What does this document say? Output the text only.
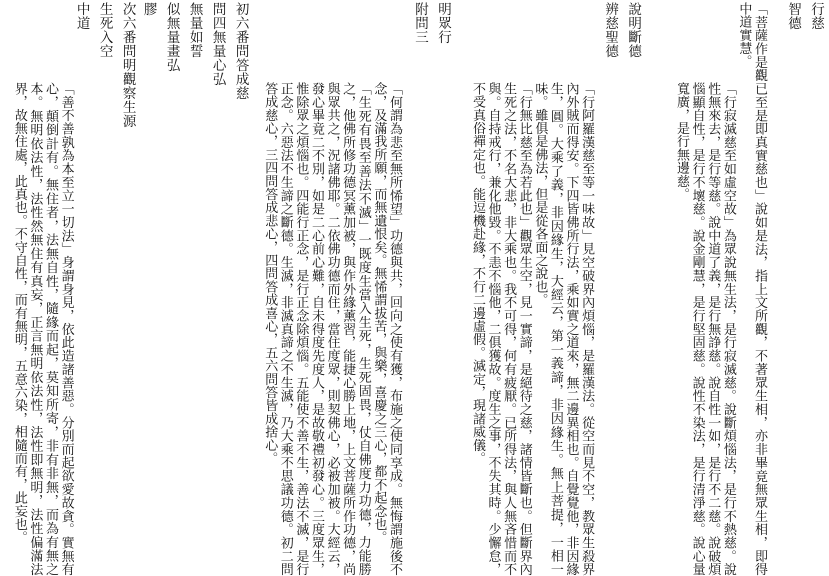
行慈
智德
「菩薩作是觀已至是即真實慈也」說如是法，指上文所觀，不著眾生相，亦非畢竟無眾生相，即得中道實慧。
「行寂滅慈至如虛空故」為眾說無生法，是行寂滅慈。說斷煩惱法，是行不熱慈。說性無來去，是行等慈。說中道了義，是行無諍慈。說自性一如，是行不二慈。說破煩惱顯自性，是行不壞慈。說金剛慧，是行堅固慈。說性不染法，是行清淨慈。說心量寬廣，是行無邊慈。
說明斷德
辨慈聖德
「行阿羅漢慈至等一味故」見空破界內煩惱，是羅漢法。從空而見不空，教眾生殺界內外賊而得安。下四皆佛所行法，乘如實之道來，無二邊異相也。自覺覺他，非因緣生，圓。大乘了義，非因緣生，大經云，第一義諦，非因緣生。無上菩提，一相一味。雖俱是佛法，但是從各面之說也。
「行無比慈至為若此也」觀眾生空，見一實諦，是絕待之慈，諸情皆斷也。但斷界內生死之法，不名大悲，非大乘也。我不可得，何有疲厭。已所得法，與人無吝惜而不與。自持戒行，兼化他毀。不恚不惱他，二俱獲故。度生之事，不失其時。少懈怠，不受真俗禪定也。能逗機赴緣，不行二邊虛假。滅定，現諸威儀。
明眾行
附問三
「何謂為悲至無所悕望」功德與共，回向之使有獲，布施之使同享成。無悔謂施後不念，及滿我所願，而無遺恨矣。無悕謂拔苦，與樂，喜慶之三心，都不起念也。
「生死有畏至善法不滅」一既度生當入生死，生死固畏，仗自佛度力功德，力能勝之，他佛所修功德冥薰加被，與作外緣薰習，能捷心勝上地，上文菩薩所作功德，尚與眾共之，況諸佛耶。二依佛功德而住，當住度眾，則契佛心，必被加被。大經云，發心畢竟二不別，如是二心前心難，自未得度先度人，是故敬禮初發心。三度眾生，惟除眾之煩惱也。四能行正念，是行正念除煩惱。五能使不善不生，善法不滅，是行正念。六惡法不生諦之斷德。生滅，非滅真諦之不生滅，乃大乘不思議功德。初二問答成慈心，三四問答成悲心，四問答成喜心，五六問答皆成捨心。
初六番問答成慈
問四無量心弘
無量如誓
似無量畫弘
膠
次六番問明觀察生源
生死入空
中道
「善不善孰為本至立一切法」身謂身見，依此造諸善惡。分別而起欲愛故貪。實無有心，顛倒計有。無住者，法無自性，隨緣而起，莫知所寄，非有非無，而為有無之本。無明依法性，法性然無住有真妄，正言無明依法性，法性即無明，法性偏滿法界，故無住處，此真也。不守自性，而有無明，五意六染，相隨而有，此妄也。
